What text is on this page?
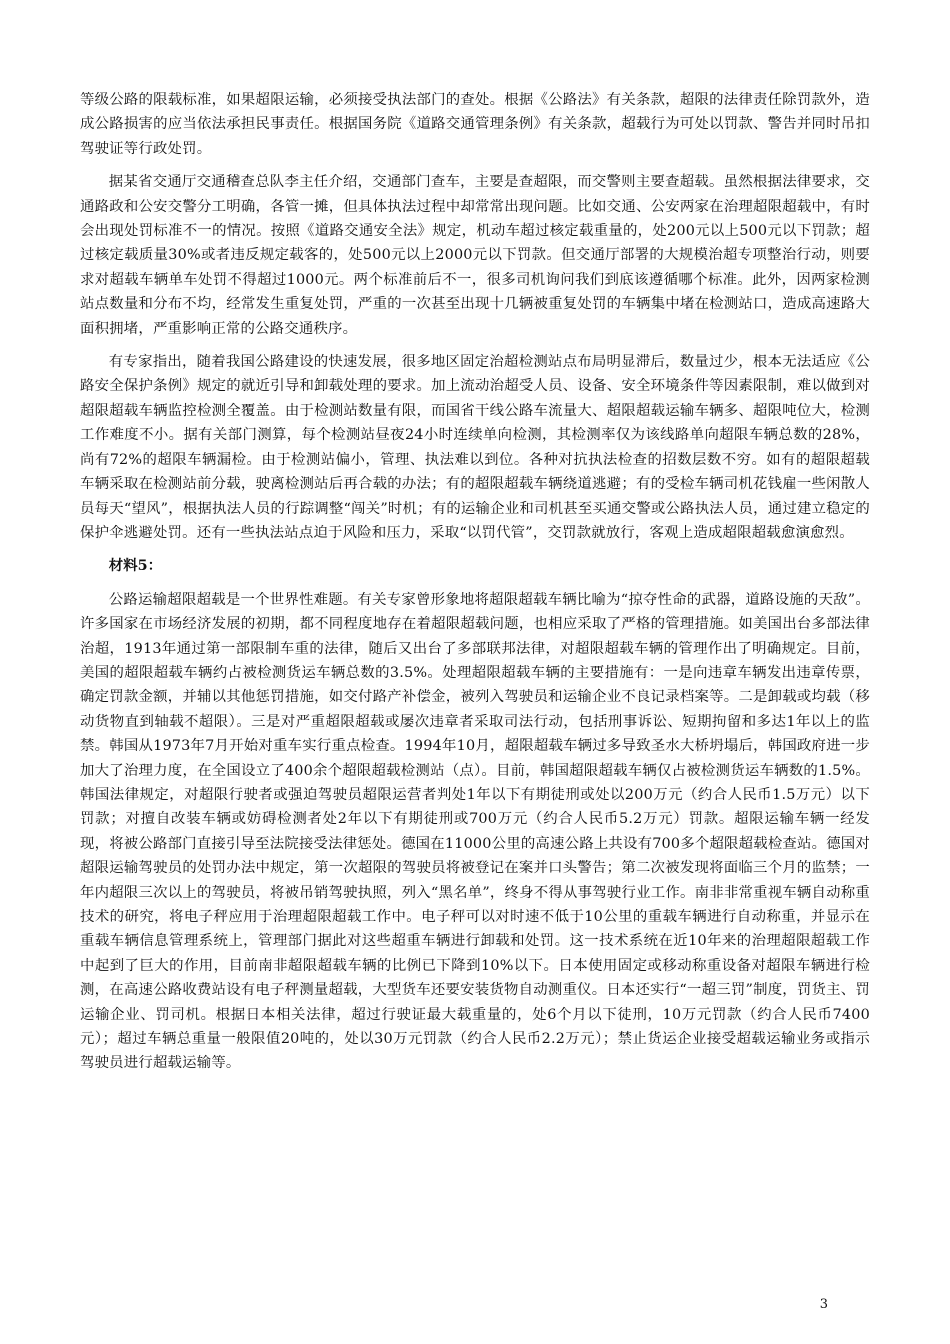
等级公路的限载标准，如果超限运输，必须接受执法部门的查处。根据《公路法》有关条款，超限的法律责任除罚款外，造成公路损害的应当依法承担民事责任。根据国务院《道路交通管理条例》有关条款，超载行为可处以罚款、警告并同时吊扣驾驶证等行政处罚。

据某省交通厅交通稽查总队李主任介绍，交通部门查车，主要是查超限，而交警则主要查超载。虽然根据法律要求，交通路政和公安交警分工明确，各管一摊，但具体执法过程中却常常出现问题。比如交通、公安两家在治理超限超载中，有时会出现处罚标准不一的情况。按照《道路交通安全法》规定，机动车超过核定载重量的，处200元以上500元以下罚款；超过核定载质量30%或者违反规定载客的，处500元以上2000元以下罚款。但交通厅部署的大规模治超专项整治行动，则要求对超载车辆单车处罚不得超过1000元。两个标准前后不一，很多司机询问我们到底该遵循哪个标准。此外，因两家检测站点数量和分布不均，经常发生重复处罚，严重的一次甚至出现十几辆被重复处罚的车辆集中堵在检测站口，造成高速路大面积拥堵，严重影响正常的公路交通秩序。

有专家指出，随着我国公路建设的快速发展，很多地区固定治超检测站点布局明显滞后，数量过少，根本无法适应《公路安全保护条例》规定的就近引导和卸载处理的要求。加上流动治超受人员、设备、安全环境条件等因素限制，难以做到对超限超载车辆监控检测全覆盖。由于检测站数量有限，而国省干线公路车流量大、超限超载运输车辆多、超限吨位大，检测工作难度不小。据有关部门测算，每个检测站昼夜24小时连续单向检测，其检测率仅为该线路单向超限车辆总数的28%，尚有72%的超限车辆漏检。由于检测站偏小，管理、执法难以到位。各种对抗执法检查的招数层数不穷。如有的超限超载车辆采取在检测站前分载，驶离检测站后再合载的办法；有的超限超载车辆绕道逃避；有的受检车辆司机花钱雇一些闲散人员每天“望风”，根据执法人员的行踪调整“闯关”时机；有的运输企业和司机甚至买通交警或公路执法人员，通过建立稳定的保护伞逃避处罚。还有一些执法站点迫于风险和压力，采取“以罚代管”，交罚款就放行，客观上造成超限超载愈演愈烈。

材料5：

公路运输超限超载是一个世界性难题。有关专家曾形象地将超限超载车辆比喻为“掠夺性命的武器，道路设施的天敌”。许多国家在市场经济发展的初期，都不同程度地存在着超限超载问题，也相应采取了严格的管理措施。如美国出台多部法律治超，1913年通过第一部限制车重的法律，随后又出台了多部联邦法律，对超限超载车辆的管理作出了明确规定。目前，美国的超限超载车辆约占被检测货运车辆总数的3.5%。处理超限超载车辆的主要措施有：一是向违章车辆发出违章传票，确定罚款金额，并辅以其他惩罚措施，如交付路产补偿金，被列入驾驶员和运输企业不良记录档案等。二是卸载或均载（移动货物直到轴载不超限）。三是对严重超限超载或屡次违章者采取司法行动，包括刑事诉讼、短期拘留和多达1年以上的监禁。韩国从1973年7月开始对重车实行重点检查。1994年10月，超限超载车辆过多导致圣水大桥坍塌后，韩国政府进一步加大了治理力度，在全国设立了400余个超限超载检测站（点）。目前，韩国超限超载车辆仅占被检测货运车辆数的1.5%。韩国法律规定，对超限行驶者或强迫驾驶员超限运营者判处1年以下有期徒刑或处以200万元（约合人民币1.5万元）以下罚款；对擅自改装车辆或妨碍检测者处2年以下有期徒刑或700万元（约合人民币5.2万元）罚款。超限运输车辆一经发现，将被公路部门直接引导至法院接受法律惩处。德国在11000公里的高速公路上共设有700多个超限超载检查站。德国对超限运输驾驶员的处罚办法中规定，第一次超限的驾驶员将被登记在案并口头警告；第二次被发现将面临三个月的监禁；一年内超限三次以上的驾驶员，将被吊销驾驶执照，列入“黑名单”，终身不得从事驾驶行业工作。南非非常重视车辆自动称重技术的研究，将电子秤应用于治理超限超载工作中。电子秤可以对时速不低于10公里的重载车辆进行自动称重，并显示在重载车辆信息管理系统上，管理部门据此对这些超重车辆进行卸载和处罚。这一技术系统在近10年来的治理超限超载工作中起到了巨大的作用，目前南非超限超载车辆的比例已下降到10%以下。日本使用固定或移动称重设备对超限车辆进行检测，在高速公路收费站设有电子秤测量超载，大型货车还要安装货物自动测重仪。日本还实行“一超三罚”制度，罚货主、罚运输企业、罚司机。根据日本相关法律，超过行驶证最大载重量的，处6个月以下徒刑，10万元罚款（约合人民币7400元）；超过车辆总重量一般限值20吨的，处以30万元罚款（约合人民币2.2万元）；禁止货运企业接受超载运输业务或指示驾驶员进行超载运输等。

3
